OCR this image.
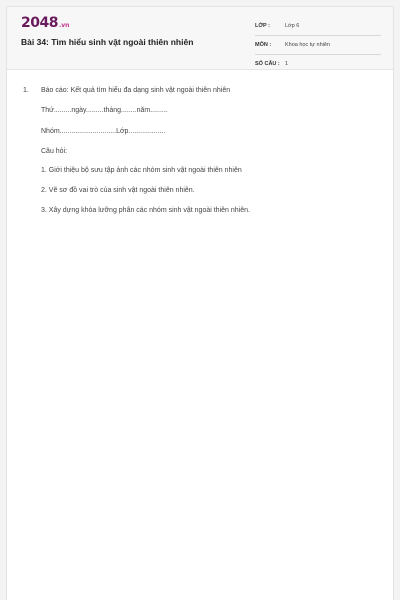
2048.vn
Bài 34: Tìm hiểu sinh vật ngoài thiên nhiên
LỚP :	Lớp 6
MÔN :	Khoa học tự nhiên
SỐ CÂU : 1
1. Báo cáo: Kết quả tìm hiểu đa dạng sinh vật ngoài thiên nhiên
Thứ.........ngày.........tháng........năm.........
Nhóm.............................Lớp...................
Câu hỏi:
1. Giới thiệu bộ sưu tập ảnh các nhóm sinh vật ngoài thiên nhiên
2. Vẽ sơ đồ vai trò của sinh vật ngoài thiên nhiên.
3. Xây dựng khóa lưỡng phân các nhóm sinh vật ngoài thiên nhiên.
